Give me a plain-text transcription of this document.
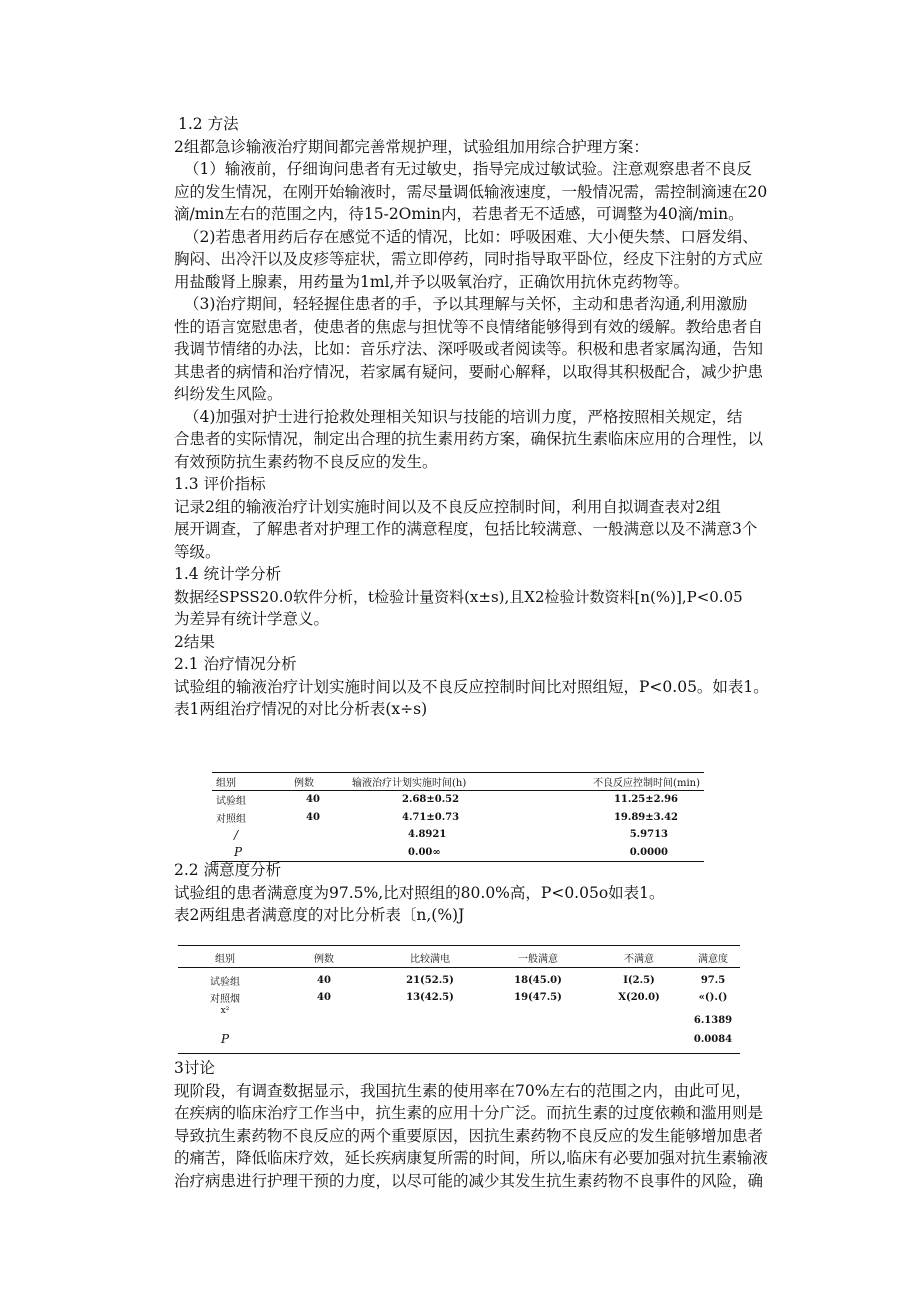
1.2 方法
2组都急诊输液治疗期间都完善常规护理，试验组加用综合护理方案：
（1）输液前，仔细询问患者有无过敏史，指导完成过敏试验。注意观察患者不良反
应的发生情况，在刚开始输液时，需尽量调低输液速度，一般情况需，需控制滴速在20
滴/min左右的范围之内，待15-2Omin内，若患者无不适感，可调整为40滴/min。
（2)若患者用药后存在感觉不适的情况，比如：呼吸困难、大小便失禁、口唇发绢、
胸闷、出冷汗以及皮疹等症状，需立即停药，同时指导取平卧位，经皮下注射的方式应
用盐酸肾上腺素，用药量为1ml,并予以吸氧治疗，正确饮用抗休克药物等。
（3)治疗期间，轻轻握住患者的手，予以其理解与关怀，主动和患者沟通,利用激励
性的语言宽慰患者，使患者的焦虑与担忧等不良情绪能够得到有效的缓解。教给患者自
我调节情绪的办法，比如：音乐疗法、深呼吸或者阅读等。积极和患者家属沟通，告知
其患者的病情和治疗情况，若家属有疑问，要耐心解释，以取得其积极配合，减少护患
纠纷发生风险。
（4)加强对护士进行抢救处理相关知识与技能的培训力度，严格按照相关规定，结
合患者的实际情况，制定出合理的抗生素用药方案，确保抗生素临床应用的合理性，以
有效预防抗生素药物不良反应的发生。
1.3 评价指标
记录2组的输液治疗计划实施时间以及不良反应控制时间，利用自拟调查表对2组
展开调查，了解患者对护理工作的满意程度，包括比较满意、一般满意以及不满意3个
等级。
1.4 统计学分析
数据经SPSS20.0软件分析，t检验计量资料(x±s),且X2检验计数资料[n(%)],P<0.05
为差异有统计学意义。
2结果
2.1 治疗情况分析
试验组的输液治疗计划实施时间以及不良反应控制时间比对照组短，P<0.05。如表1。
表1两组治疗情况的对比分析表(x÷s)
组别	例数	输液治疗计划实施时间(h)	不良反应控制时间(min)
试验组	40	2.68±0.52	11.25±2.96
对照组	40	4.71±0.73	19.89±3.42
/		4.8921	5.9713
P		0.00∞	0.0000
2.2 满意度分析
试验组的患者满意度为97.5%,比对照组的80.0%高，P<0.05o如表1。
表2两组患者满意度的对比分析表〔n,(%)J
组别	例数	比较满电	一般满意	不满意	满意度
试验组	40	21(52.5)	18(45.0)	I(2.5)	97.5
对照烟	40	13(42.5)	19(47.5)	X(20.0)	«().()
x²					6.1389
P					0.0084
3讨论
现阶段，有调查数据显示，我国抗生素的使用率在70%左右的范围之内，由此可见，
在疾病的临床治疗工作当中，抗生素的应用十分广泛。而抗生素的过度依赖和滥用则是
导致抗生素药物不良反应的两个重要原因，因抗生素药物不良反应的发生能够增加患者
的痛苦，降低临床疗效，延长疾病康复所需的时间，所以,临床有必要加强对抗生素输液
治疗病患进行护理干预的力度，以尽可能的减少其发生抗生素药物不良事件的风险，确
